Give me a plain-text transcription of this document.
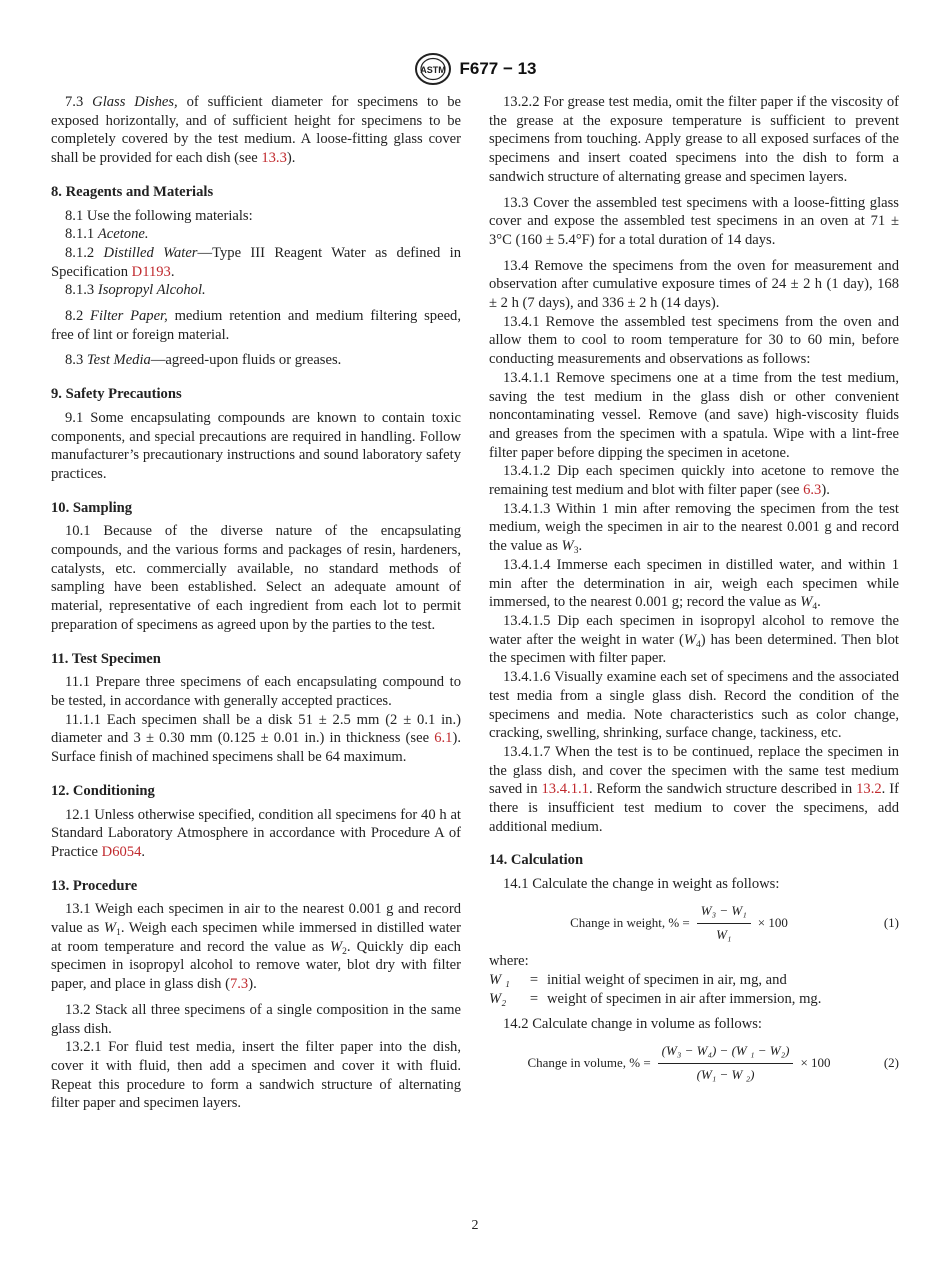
ASTM F677 − 13

7.3 Glass Dishes, of sufficient diameter for specimens to be exposed horizontally, and of sufficient height for specimens to be completely covered by the test medium. A loose-fitting glass cover shall be provided for each dish (see 13.3).

8. Reagents and Materials

8.1 Use the following materials:

8.1.1 Acetone.

8.1.2 Distilled Water—Type III Reagent Water as defined in Specification D1193.

8.1.3 Isopropyl Alcohol.

8.2 Filter Paper, medium retention and medium filtering speed, free of lint or foreign material.

8.3 Test Media—agreed-upon fluids or greases.

9. Safety Precautions

9.1 Some encapsulating compounds are known to contain toxic components, and special precautions are required in handling. Follow manufacturer’s precautionary instructions and sound laboratory safety practices.

10. Sampling

10.1 Because of the diverse nature of the encapsulating compounds, and the various forms and packages of resin, hardeners, catalysts, etc. commercially available, no standard methods of sampling have been established. Select an adequate amount of material, representative of each ingredient from each lot to permit preparation of specimens as agreed upon by the parties to the test.

11. Test Specimen

11.1 Prepare three specimens of each encapsulating compound to be tested, in accordance with generally accepted practices.

11.1.1 Each specimen shall be a disk 51 ± 2.5 mm (2 ± 0.1 in.) diameter and 3 ± 0.30 mm (0.125 ± 0.01 in.) in thickness (see 6.1). Surface finish of machined specimens shall be 64 maximum.

12. Conditioning

12.1 Unless otherwise specified, condition all specimens for 40 h at Standard Laboratory Atmosphere in accordance with Procedure A of Practice D6054.

13. Procedure

13.1 Weigh each specimen in air to the nearest 0.001 g and record value as $W_1$. Weigh each specimen while immersed in distilled water at room temperature and record the value as $W_2$. Quickly dip each specimen in isopropyl alcohol to remove water, blot dry with filter paper, and place in glass dish (7.3).

13.2 Stack all three specimens of a single composition in the same glass dish.

13.2.1 For fluid test media, insert the filter paper into the dish, cover it with fluid, then add a specimen and cover it with fluid. Repeat this procedure to form a sandwich structure of alternating filter paper and specimen layers.

13.2.2 For grease test media, omit the filter paper if the viscosity of the grease at the exposure temperature is sufficient to prevent specimens from touching. Apply grease to all exposed surfaces of the specimens and insert coated specimens into the dish to form a sandwich structure of alternating grease and specimen layers.

13.3 Cover the assembled test specimens with a loose-fitting glass cover and expose the assembled test specimens in an oven at 71 ± 3°C (160 ± 5.4°F) for a total duration of 14 days.

13.4 Remove the specimens from the oven for measurement and observation after cumulative exposure times of 24 ± 2 h (1 day), 168 ± 2 h (7 days), and 336 ± 2 h (14 days).

13.4.1 Remove the assembled test specimens from the oven and allow them to cool to room temperature for 30 to 60 min, before conducting measurements and observations as follows:

13.4.1.1 Remove specimens one at a time from the test medium, saving the test medium in the glass dish or other convenient noncontaminating vessel. Remove (and save) high-viscosity fluids and greases from the specimen with a spatula. Wipe with a lint-free filter paper before dipping the specimen in acetone.

13.4.1.2 Dip each specimen quickly into acetone to remove the remaining test medium and blot with filter paper (see 6.3).

13.4.1.3 Within 1 min after removing the specimen from the test medium, weigh the specimen in air to the nearest 0.001 g and record the value as $W_3$.

13.4.1.4 Immerse each specimen in distilled water, and within 1 min after the determination in air, weigh each specimen while immersed, to the nearest 0.001 g; record the value as $W_4$.

13.4.1.5 Dip each specimen in isopropyl alcohol to remove the water after the weight in water $(W_4)$ has been determined. Then blot the specimen with filter paper.

13.4.1.6 Visually examine each set of specimens and the associated test media from a single glass dish. Record the condition of the specimens and media. Note characteristics such as color change, cracking, swelling, shrinking, surface change, tackiness, etc.

13.4.1.7 When the test is to be continued, replace the specimen in the glass dish, and cover the specimen with the same test medium saved in 13.4.1.1. Reform the sandwich structure described in 13.2. If there is insufficient test medium to cover the specimens, add additional medium.

14. Calculation

14.1 Calculate the change in weight as follows:

Change in weight, % = $\frac{\text{W₃ − W₁}}{\text{W₁}} \times 100$	(1)

where:

W ₁	= initial weight of specimen in air, mg, and
W₂	= weight of specimen in air after immersion, mg.

14.2 Calculate change in volume as follows:

Change in volume, % = $\frac{\text{(W₃ − W₄) − (W ₁ − W₂)}}{\text{(W₁ − W ₂)}} \times 100$	(2)
2
